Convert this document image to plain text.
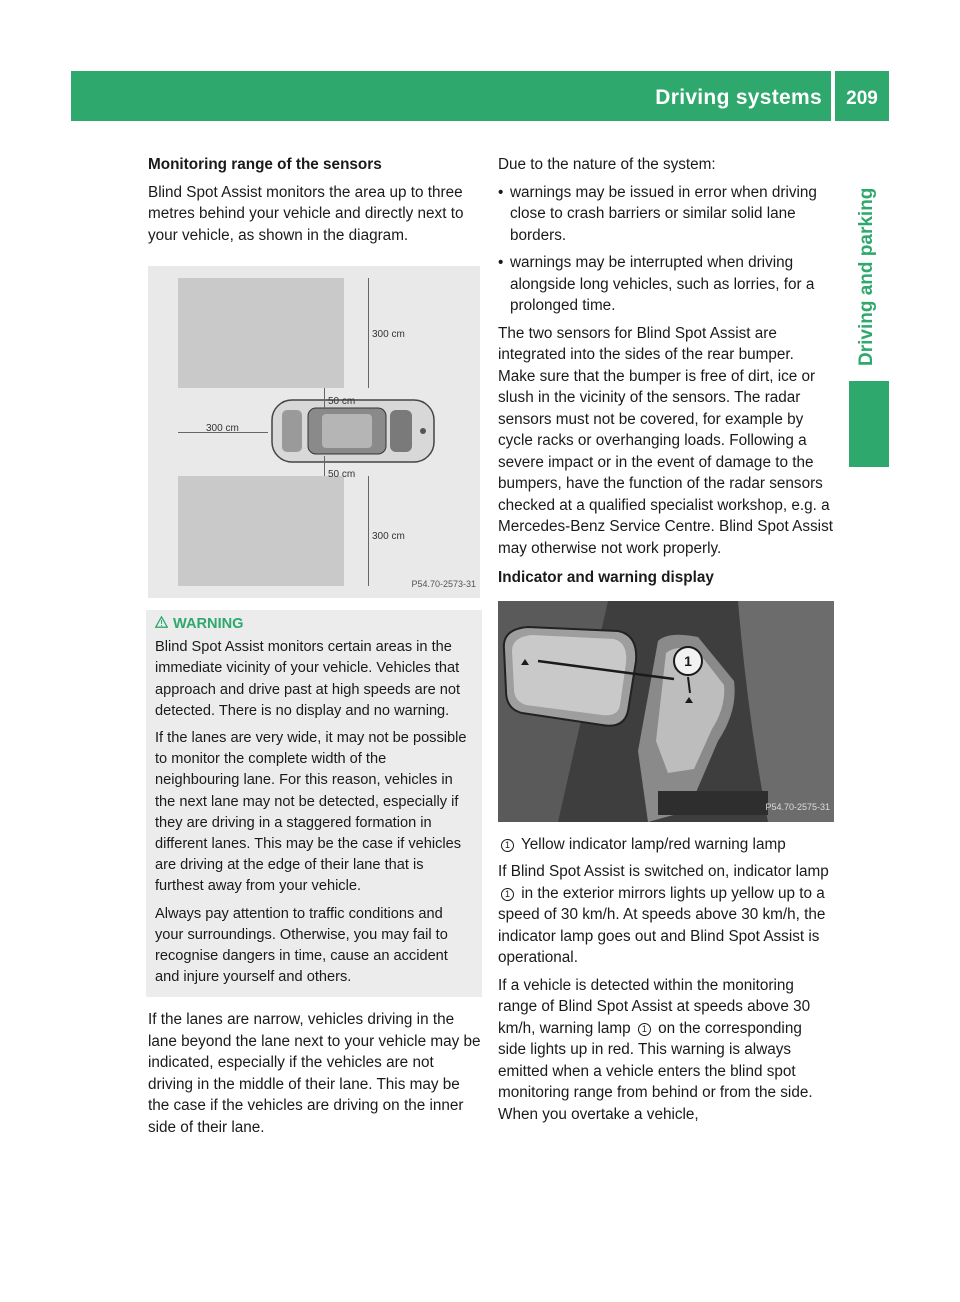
Driving systems	209
Driving and parking

Monitoring range of the sensors

Blind Spot Assist monitors the area up to three metres behind your vehicle and directly next to your vehicle, as shown in the diagram.

300 cm
300 cm
50 cm
50 cm
300 cm
P54.70-2573-31
WARNING

Blind Spot Assist monitors certain areas in the immediate vicinity of your vehicle. Vehicles that approach and drive past at high speeds are not detected. There is no display and no warning.

If the lanes are very wide, it may not be possible to monitor the complete width of the neighbouring lane. For this reason, vehicles in the next lane may not be detected, especially if they are driving in a staggered formation in different lanes. This may be the case if vehicles are driving at the edge of their lane that is furthest away from your vehicle.

Always pay attention to traffic conditions and your surroundings. Otherwise, you may fail to recognise dangers in time, cause an accident and injure yourself and others.

If the lanes are narrow, vehicles driving in the lane beyond the lane next to your vehicle may be indicated, especially if the vehicles are not driving in the middle of their lane. This may be the case if the vehicles are driving on the inner side of their lane.

Due to the nature of the system:

• warnings may be issued in error when driving close to crash barriers or similar solid lane borders.
• warnings may be interrupted when driving alongside long vehicles, such as lorries, for a prolonged time.

The two sensors for Blind Spot Assist are integrated into the sides of the rear bumper. Make sure that the bumper is free of dirt, ice or slush in the vicinity of the sensors. The radar sensors must not be covered, for example by cycle racks or overhanging loads. Following a severe impact or in the event of damage to the bumpers, have the function of the radar sensors checked at a qualified specialist workshop, e.g. a Mercedes-Benz Service Centre. Blind Spot Assist may otherwise not work properly.

Indicator and warning display

1
P54.70-2575-31

1 Yellow indicator lamp/red warning lamp

If Blind Spot Assist is switched on, indicator lamp 1 in the exterior mirrors lights up yellow up to a speed of 30 km/h. At speeds above 30 km/h, the indicator lamp goes out and Blind Spot Assist is operational.

If a vehicle is detected within the monitoring range of Blind Spot Assist at speeds above 30 km/h, warning lamp 1 on the corresponding side lights up in red. This warning is always emitted when a vehicle enters the blind spot monitoring range from behind or from the side. When you overtake a vehicle,
